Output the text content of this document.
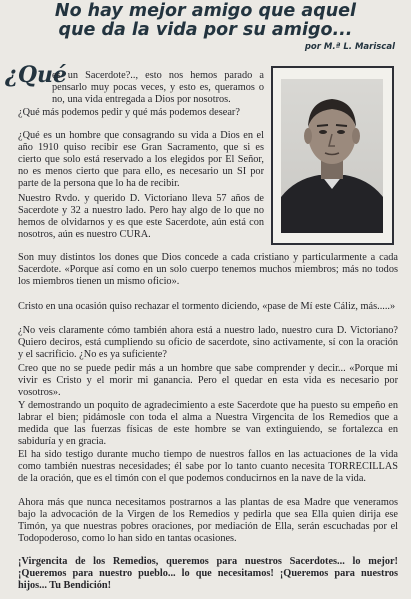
No hay mejor amigo que aquel
que da la vida por su amigo...
por M.ª L. Mariscal
¿Qué

es un Sacerdote?.., esto nos hemos parado a pensarlo muy pocas veces, y esto es, queramos o no, una vida entregada a Dios por nosotros.

¿Qué más podemos pedir y qué más podemos desear?

¿Qué es un hombre que consagrando su vida a Dios en el año 1910 quiso recibir ese Gran Sacramento, que si es cierto que solo está reservado a los elegidos por El Señor, no es menos cierto que para ello, es necesario un SI por parte de la persona que lo ha de recibir.

Nuestro Rvdo. y querido D. Victoriano lleva 57 años de Sacerdote y 32 a nuestro lado. Pero hay algo de lo que no hemos de olvidarnos y es que este Sacerdote, aún está con nosotros, aún es nuestro CURA.

Son muy distintos los dones que Dios concede a cada cristiano y particularmente a cada Sacerdote. «Porque así como en un solo cuerpo tenemos muchos miembros; más no todos los miembros tienen un mismo oficio».

Cristo en una ocasión quiso rechazar el tormento diciendo, «pase de Mí este Cáliz, más.....»

¿No veis claramente cómo también ahora está a nuestro lado, nuestro cura D. Victoriano? Quiero deciros, está cumpliendo su oficio de sacerdote, sino activamente, sí con la oración y el sacrificio. ¿No es ya suficiente?

Creo que no se puede pedir más a un hombre que sabe comprender y decir... «Porque mi vivir es Cristo y el morir mi ganancia. Pero el quedar en esta vida es necesario por vosotros».

Y demostrando un poquito de agradecimiento a este Sacerdote que ha puesto su empeño en labrar el bien; pidámosle con toda el alma a Nuestra Virgencita de los Remedios que a medida que las fuerzas físicas de este hombre se van extinguiendo, se fortalezca en sabiduría y en gracia.

El ha sido testigo durante mucho tiempo de nuestros fallos en las actuaciones de la vida como también nuestras necesidades; él sabe por lo tanto cuanto necesita TORRECILLAS de la oración, que es el timón con el que podemos conducirnos en la nave de la vida.

Ahora más que nunca necesitamos postrarnos a las plantas de esa Madre que veneramos bajo la advocación de la Virgen de los Remedios y pedirla que sea Ella quien dirija ese Timón, ya que nuestras pobres oraciones, por mediación de Ella, serán escuchadas por el Todopoderoso, como lo han sido en tantas ocasiones.

¡Virgencita de los Remedios, queremos para nuestros Sacerdotes... lo mejor! ¡Queremos para nuestro pueblo... lo que necesitamos! ¡Queremos para nuestros hijos... Tu Bendición!
